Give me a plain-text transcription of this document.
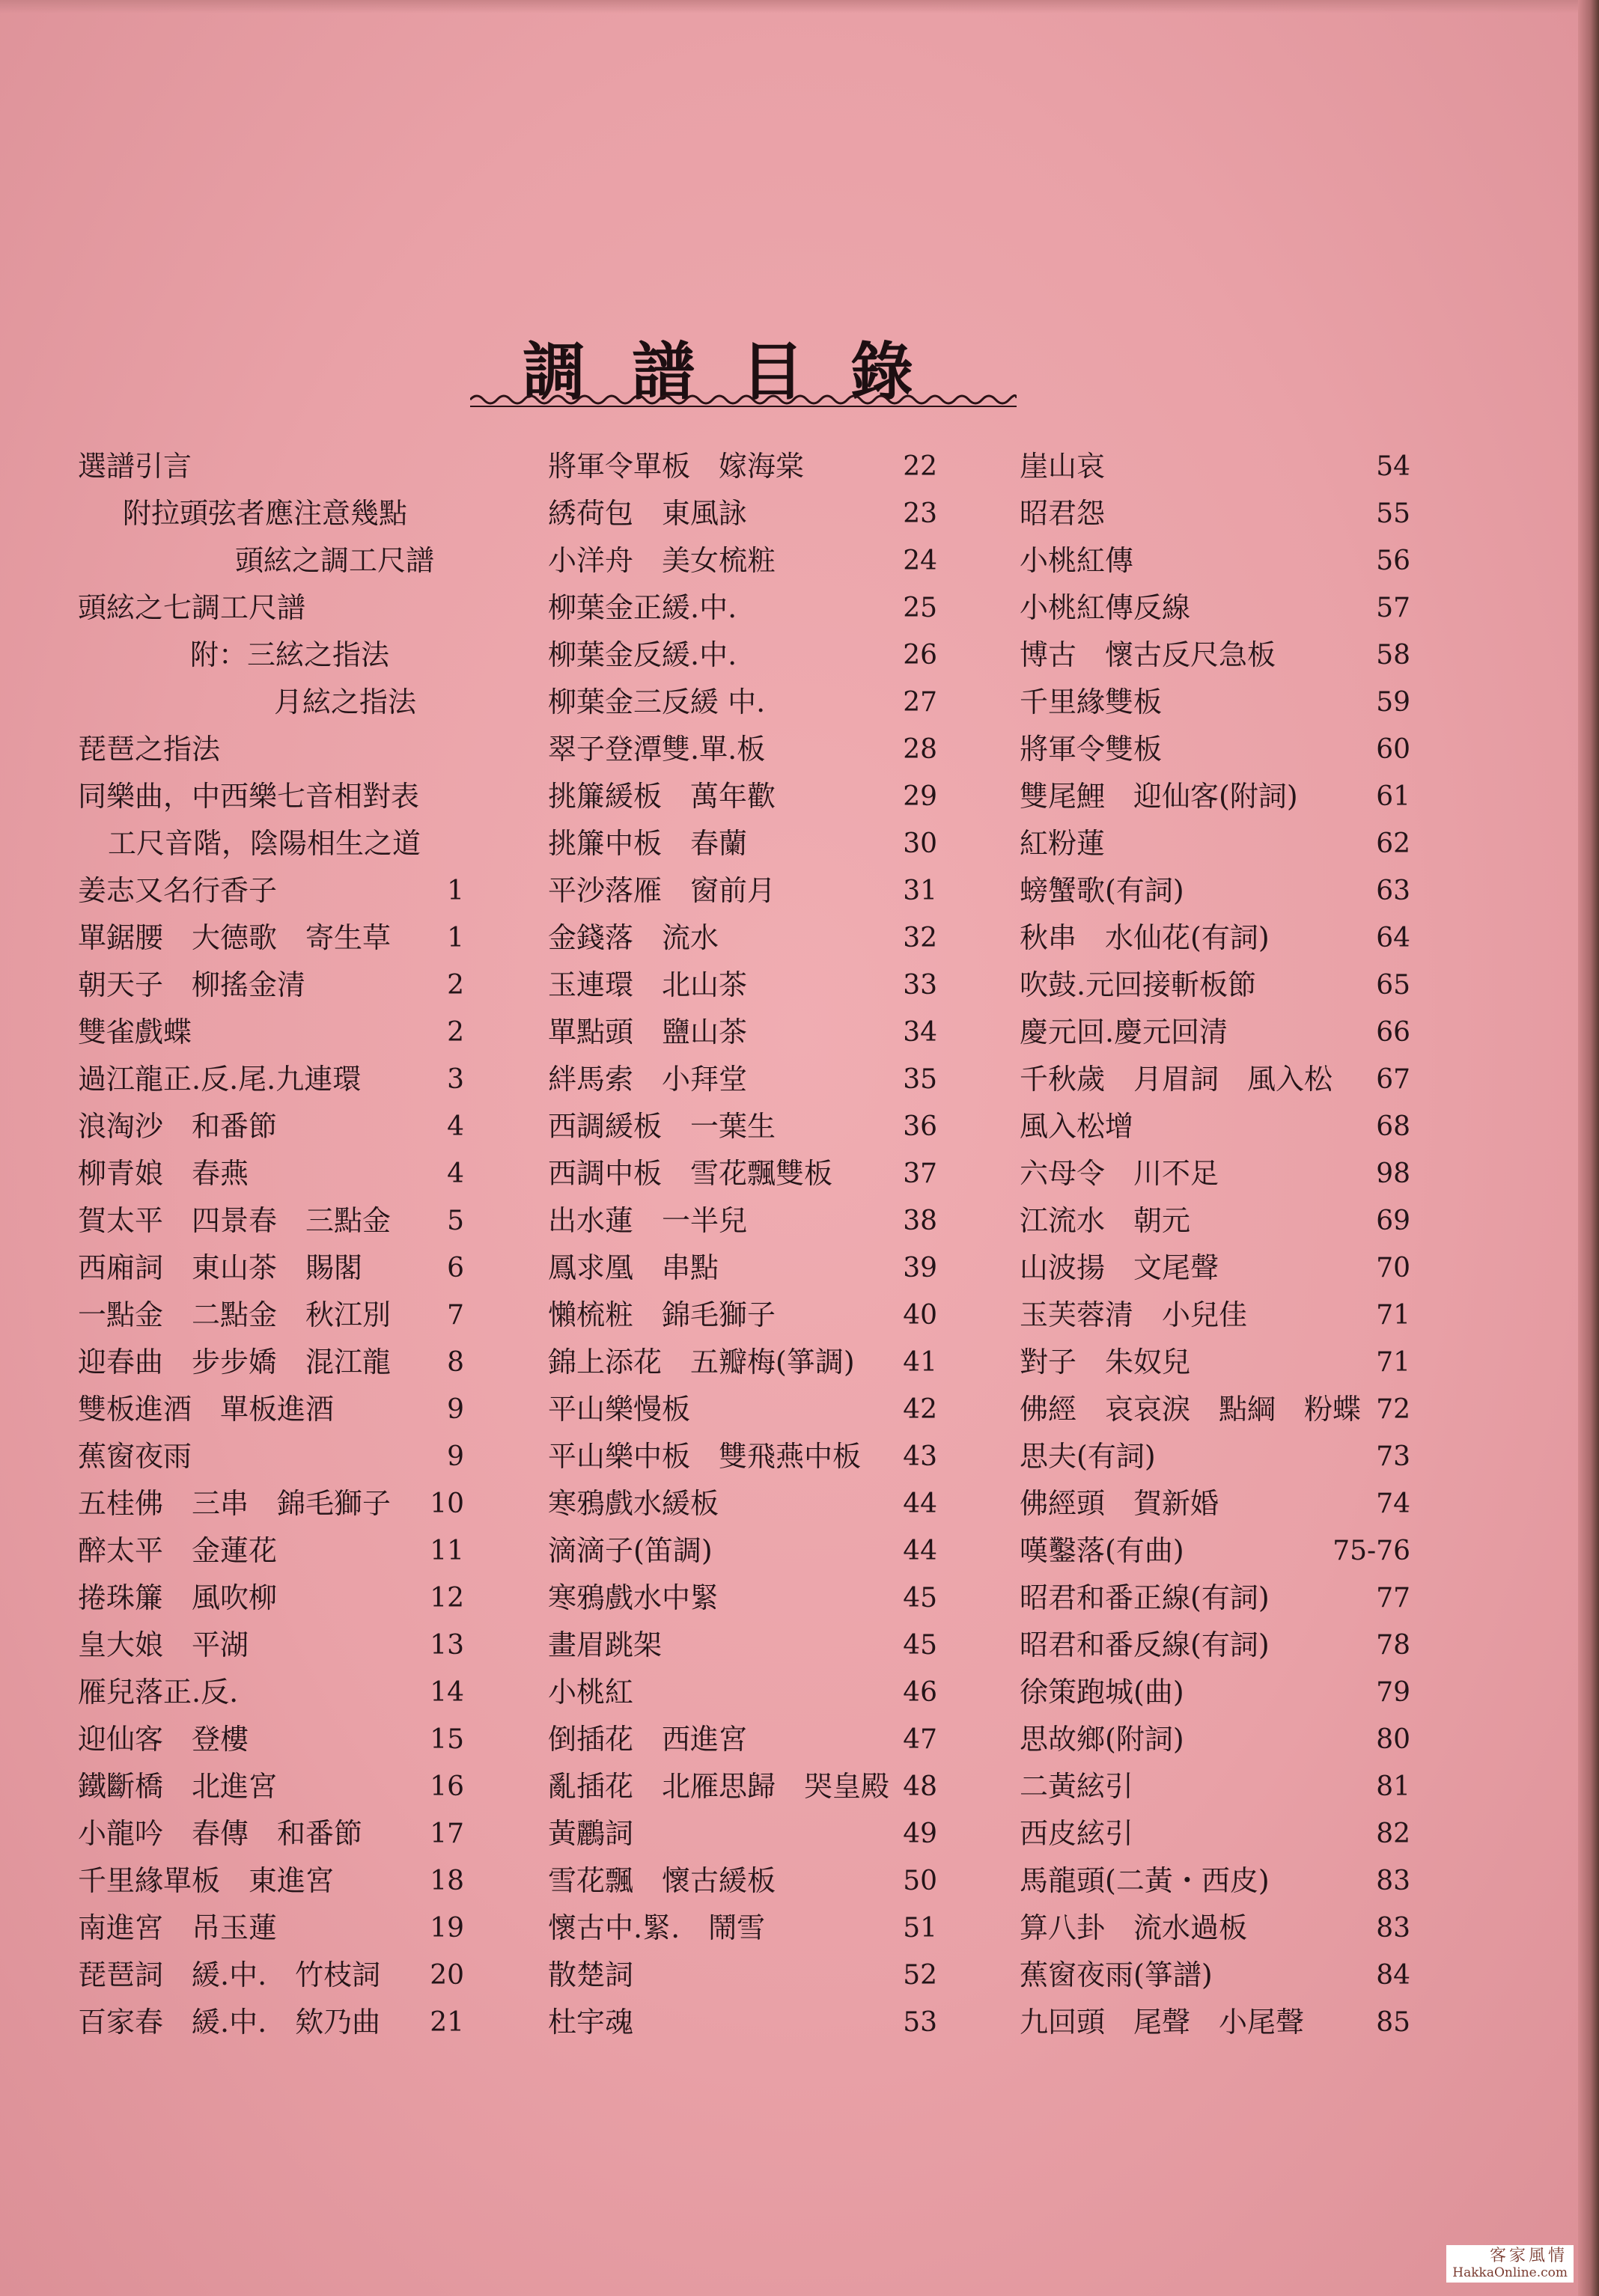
調譜目錄
選譜引言
附拉頭弦者應注意幾點
頭絃之調工尺譜
頭絃之七調工尺譜
附：三絃之指法
月絃之指法
琵琶之指法
同樂曲，中西樂七音相對表
工尺音階，陰陽相生之道
姜志又名行香子	1
單鋸腰　大德歌　寄生草	1
朝天子　柳搖金清	2
雙雀戲蝶	2
過江龍正.反.尾.九連環	3
浪淘沙　和番節	4
柳青娘　春燕	4
賀太平　四景春　三點金	5
西廂詞　東山茶　賜閣	6
一點金　二點金　秋江別	7
迎春曲　步步嬌　混江龍	8
雙板進酒　單板進酒	9
蕉窗夜雨	9
五桂佛　三串　錦毛獅子	10
醉太平　金蓮花	11
捲珠簾　風吹柳	12
皇大娘　平湖	13
雁兒落正.反.	14
迎仙客　登樓	15
鐵斷橋　北進宮	16
小龍吟　春傳　和番節	17
千里緣單板　東進宮	18
南進宮　吊玉蓮	19
琵琶詞　緩.中.　竹枝詞	20
百家春　緩.中.　欸乃曲	21
將軍令單板　嫁海棠	22
綉荷包　東風詠	23
小洋舟　美女梳粧	24
柳葉金正緩.中.	25
柳葉金反緩.中.	26
柳葉金三反緩 中.	27
翠子登潭雙.單.板	28
挑簾緩板　萬年歡	29
挑簾中板　春蘭	30
平沙落雁　窗前月	31
金錢落　流水	32
玉連環　北山茶	33
單點頭　鹽山茶	34
絆馬索　小拜堂	35
西調緩板　一葉生	36
西調中板　雪花飄雙板	37
出水蓮　一半兒	38
鳳求凰　串點	39
懶梳粧　錦毛獅子	40
錦上添花　五瓣梅(箏調)	41
平山樂慢板	42
平山樂中板　雙飛燕中板	43
寒鴉戲水緩板	44
滴滴子(笛調)	44
寒鴉戲水中緊	45
畫眉跳架	45
小桃紅	46
倒插花　西進宮	47
亂插花　北雁思歸　哭皇殿 48
黃鸝詞	49
雪花飄　懷古緩板	50
懷古中.緊.　鬧雪	51
散楚詞	52
杜宇魂	53
崖山哀	54
昭君怨	55
小桃紅傳	56
小桃紅傳反線	57
博古　懷古反尺急板	58
千里緣雙板	59
將軍令雙板	60
雙尾鯉　迎仙客(附詞)	61
紅粉蓮	62
螃蟹歌(有詞)	63
秋串　水仙花(有詞)	64
吹鼓.元回接斬板節	65
慶元回.慶元回清	66
千秋歲　月眉詞　風入松	67
風入松增	68
六母令　川不足	98
江流水　朝元	69
山波揚　文尾聲	70
玉芙蓉清　小兒佳	71
對子　朱奴兒	71
佛經　哀哀淚　點綱　粉蝶 72
思夫(有詞)	73
佛經頭　賀新婚	74
嘆鑿落(有曲)	75-76
昭君和番正線(有詞)	77
昭君和番反線(有詞)	78
徐策跑城(曲)	79
思故鄉(附詞)	80
二黃絃引	81
西皮絃引	82
馬龍頭(二黃・西皮)	83
算八卦　流水過板	83
蕉窗夜雨(箏譜)	84
九回頭　尾聲　小尾聲	85
客家風情
HakkaOnline.com
